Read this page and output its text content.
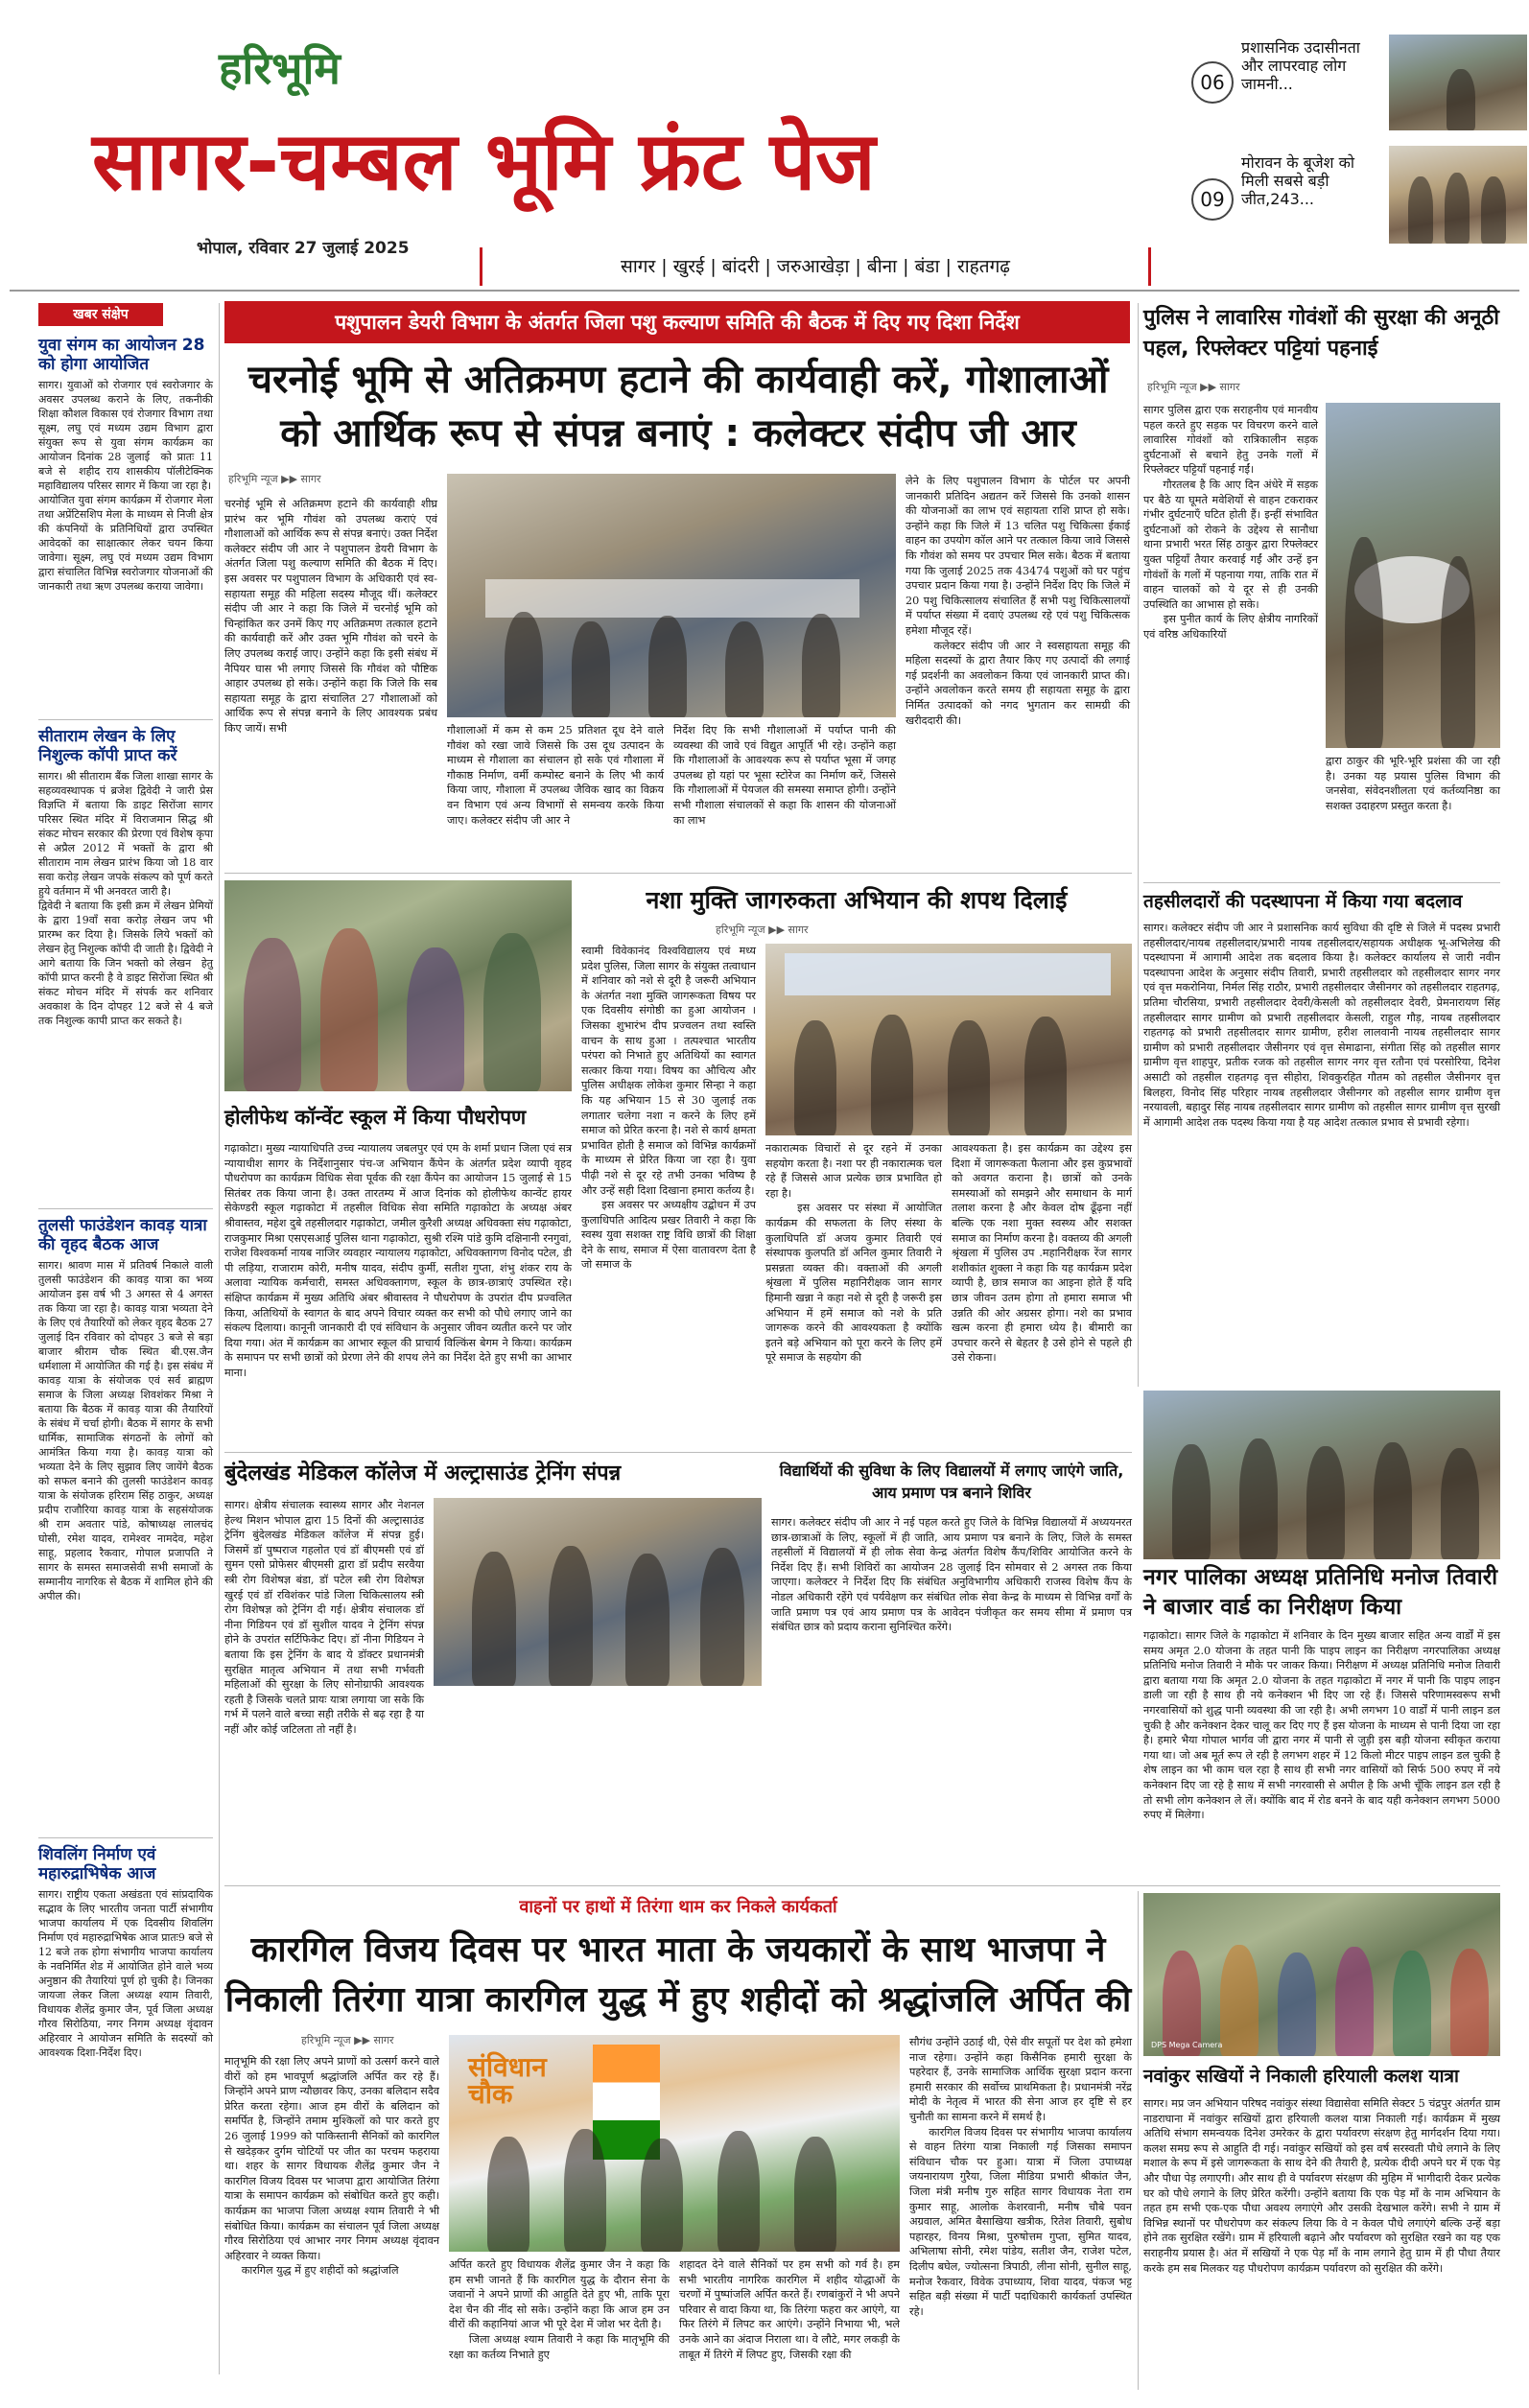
हरिभूमि
सागर-चम्बल भूमि फ्रंट पेज
भोपाल, रविवार 27 जुलाई 2025
सागर | खुरई | बांदरी | जरुआखेड़ा | बीना | बंडा | राहतगढ़
06
प्रशासनिक उदासीनता और लापरवाह लोग जामनी...
09
मोरावन के बूजेश को मिली सबसे बड़ी जीत,243...
खबर संक्षेप
युवा संगम का आयोजन 28 को होगा आयोजित

सागर। युवाओं को रोजगार एवं स्वरोजगार के अवसर उपलब्ध कराने के लिए, तकनीकी शिक्षा कौशल विकास एवं रोजगार विभाग तथा सूक्ष्म, लघु एवं मध्यम उद्यम विभाग द्वारा संयुक्त रूप से युवा संगम कार्यक्रम का आयोजन दिनांक 28 जुलाई  को प्रातः 11 बजे से  शहीद राय शासकीय पॉलीटेक्निक महाविद्यालय परिसर सागर में किया जा रहा है।
आयोजित युवा संगम कार्यक्रम में रोजगार मेला तथा अप्रेंटिसशिप मेला के माध्यम से निजी क्षेत्र की कंपनियों के प्रतिनिधियों द्वारा उपस्थित आवेदकों का साक्षात्कार लेकर चयन किया जावेगा। सूक्ष्म, लघु एवं मध्यम उद्यम विभाग द्वारा संचालित विभिन्न स्वरोजगार योजनाओं की जानकारी तथा ऋण उपलब्ध कराया जावेगा।

सीताराम लेखन के लिए निशुल्क कॉपी प्राप्त करें

सागर। श्री सीताराम बैंक जिला शाखा सागर के सहव्यवस्थापक पं ब्रजेश द्विवेदी ने जारी प्रेस विज्ञप्ति में बताया कि डाइट सिरोंजा सागर परिसर स्थित मंदिर में विराजमान सिद्ध श्री संकट मोचन सरकार की प्रेरणा एवं विशेष कृपा से अप्रैल 2012 में भक्तों के द्वारा श्री सीताराम नाम लेखन प्रारंभ किया जो 18 वार सवा करोड़ लेखन जपके संकल्प को पूर्ण करते हुये वर्तमान में भी अनवरत जारी है।
द्विवेदी ने बताया कि इसी क्रम में लेखन प्रेमियों के द्वारा 19वाँ सवा करोड़ लेखन जप भी प्रारम्भ कर दिया है। जिसके लिये भक्तों को लेखन हेतु निशुल्क कॉपी दी जाती है। द्विवेदी ने आगे बताया कि जिन भक्तो को लेखन  हेतु कॉपी प्राप्त करनी है वे डाइट सिरोंजा स्थित श्री संकट मोचन मंदिर में संपर्क कर शनिवार अवकाश के दिन दोपहर 12 बजे से 4 बजे तक निशुल्क कापी प्राप्त कर सकते है।

तुलसी फाउंडेशन कावड़ यात्रा की वृहद बैठक आज

सागर। श्रावण मास में प्रतिवर्ष निकाले वाली तुलसी फाउंडेशन की कावड़ यात्रा का भव्य आयोजन इस वर्ष भी 3 अगस्त से 4 अगस्त तक किया जा रहा है। कावड़ यात्रा भव्यता देने के लिए एवं तैयारियों को लेकर वृहद बैठक 27 जुलाई दिन रविवार को दोपहर 3 बजे से बड़ा बाजार श्रीराम चौक स्थित बी.एस.जैन धर्मशाला में आयोजित की गई है। इस संबंध में कावड़ यात्रा के संयोजक एवं सर्व ब्राह्मण समाज के जिला अध्यक्ष शिवशंकर मिश्रा ने बताया कि बैठक में कावड़ यात्रा की तैयारियों के संबंध में चर्चा होगी। बैठक में सागर के सभी धार्मिक, सामाजिक संगठनों के लोगों को आमंत्रित किया गया है। कावड़ यात्रा को भव्यता देने के लिए सुझाव लिए जायेंगे बैठक को सफल बनाने की तुलसी फाउंडेशन कावड़ यात्रा के संयोजक हरिराम सिंह ठाकुर, अध्यक्ष प्रदीप राजौरिया कावड़ यात्रा के सहसंयोजक श्री राम अवतार पांडे, कोषाध्यक्ष लालचंद घोसी, रमेश यादव, रामेश्वर नामदेव, महेश साहू, प्रहलाद रैकवार, गोपाल प्रजापति ने सागर के समस्त समाजसेवी सभी समाजों के सम्मानीय नागरिक से बैठक में शामिल होने की अपील की।

शिवलिंग निर्माण एवं महारुद्राभिषेक आज

सागर। राष्ट्रीय एकता अखंडता एवं सांप्रदायिक सद्भाव के लिए भारतीय जनता पार्टी संभागीय भाजपा कार्यालय में एक दिवसीय शिवलिंग निर्माण एवं महारुद्राभिषेक आज प्रातः9 बजे से 12 बजे तक होगा संभागीय भाजपा कार्यालय के नवनिर्मित शेड में आयोजित होने वाले भव्य अनुष्ठान की तैयारियां पूर्ण हो चुकी है। जिनका जायजा लेकर जिला अध्यक्ष श्याम तिवारी, विधायक शैलेंद्र कुमार जैन, पूर्व जिला अध्यक्ष गौरव सिरोठिया, नगर निगम अध्यक्ष वृंदावन अहिरवार ने आयोजन समिति के सदस्यों को आवश्यक दिशा-निर्देश दिए।

पशुपालन डेयरी विभाग के अंतर्गत जिला पशु कल्याण समिति की बैठक में दिए गए दिशा निर्देश
चरनोई भूमि से अतिक्रमण हटाने की कार्यवाही करें, गोशालाओं को आर्थिक रूप से संपन्न बनाएं : कलेक्टर संदीप जी आर
हरिभूमि न्यूज ▶▶ सागर

चरनोई भूमि से अतिक्रमण हटाने की कार्यवाही शीघ्र प्रारंभ कर भूमि गौवंश को उपलब्ध कराएं एवं गौशालाओं को आर्थिक रूप से संपन्न बनाएं। उक्त निर्देश कलेक्टर संदीप जी आर ने पशुपालन डेयरी विभाग के अंतर्गत जिला पशु कल्याण समिति की बैठक में दिए। इस अवसर पर पशुपालन विभाग के अधिकारी एवं स्व-सहायता समूह की महिला सदस्य मौजूद थीं। कलेक्टर संदीप जी आर ने कहा कि जिले में चरनोई भूमि को चिन्हांकित कर उनमें किए गए अतिक्रमण तत्काल हटाने की कार्यवाही करें और उक्त भूमि गौवंश को चरने के लिए उपलब्ध कराई जाए। उन्होंने कहा कि इसी संबंध में नैपियर घास भी लगाए जिससे कि गौवंश को पौष्टिक आहार उपलब्ध हो सके। उन्होंने कहा कि जिले कि सब सहायता समूह के द्वारा संचालित 27 गौशालाओं को आर्थिक रूप से संपन्न बनाने के लिए आवश्यक प्रबंध किए जायें। सभी	गौशालाओं में कम से कम 25 प्रतिशत दूध देने वाले गौवंश को रखा जावे जिससे कि उस दूध उत्पादन के माध्यम से गौशाला का संचालन हो सके एवं गौशाला में गौकाष्ठ निर्माण, वर्मी कम्पोस्ट बनाने के लिए भी कार्य किया जाए, गौशाला में उपलब्ध जैविक खाद का विक्रय वन विभाग एवं अन्य विभागों से समन्वय करके किया जाए। कलेक्टर संदीप जी आर ने

निर्देश दिए कि सभी गौशालाओं में पर्याप्त पानी की व्यवस्था की जावे एवं विद्युत आपूर्ति भी रहे। उन्होंने कहा कि गौशालाओं के आवश्यक रूप से पर्याप्त भूसा में जगह उपलब्ध हो यहां पर भूसा स्टोरेज का निर्माण करें, जिससे कि गौशालाओं में पेयजल की समस्या समाप्त होगी। उन्होंने सभी गौशाला संचालकों से कहा कि शासन की योजनाओं का लाभ

लेने के लिए पशुपालन विभाग के पोर्टल पर अपनी जानकारी प्रतिदिन अद्यतन करें जिससे कि उनको शासन की योजनाओं का लाभ एवं सहायता राशि प्राप्त हो सके। उन्होंने कहा कि जिले में 13 चलित पशु चिकित्सा ईकाई वाहन का उपयोग कॉल आने पर तत्काल किया जावे जिससे कि गौवंश को समय पर उपचार मिल सके। बैठक में बताया गया कि जुलाई 2025 तक 43474 पशुओं को घर पहुंच उपचार प्रदान किया गया है। उन्होंने निर्देश दिए कि जिले में 20 पशु चिकित्सालय संचालित हैं सभी पशु चिकित्सालयों में पर्याप्त संख्या में दवाएं उपलब्ध रहे एवं पशु चिकित्सक हमेशा मौजूद रहें।
कलेक्टर संदीप जी आर ने स्वसहायता समूह की महिला सदस्यों के द्वारा तैयार किए गए उत्पादों की लगाई गई प्रदर्शनी का अवलोकन किया एवं जानकारी प्राप्त की। उन्होंने अवलोकन करते समय ही सहायता समूह के द्वारा निर्मित उत्पादकों को नगद भुगतान कर सामग्री की खरीददारी की।

पुलिस ने लावारिस गोवंशों की सुरक्षा की अनूठी पहल, रिफ्लेक्टर पट्टियां पहनाई
हरिभूमि न्यूज ▶▶ सागर

सागर पुलिस द्वारा एक सराहनीय एवं मानवीय पहल करते हुए सड़क पर विचरण करने वाले लावारिस गोवंशों को रात्रिकालीन सड़क दुर्घटनाओं से बचाने हेतु उनके गलों में रिफ्लेक्टर पट्टियाँ पहनाई गईं।
गौरतलब है कि आए दिन अंधेरे में सड़क पर बैठे या घूमते मवेशियों से वाहन टकराकर गंभीर दुर्घटनाएँ घटित होती हैं। इन्हीं संभावित दुर्घटनाओं को रोकने के उद्देश्य से सानौधा थाना प्रभारी भरत सिंह ठाकुर द्वारा रिफ्लेक्टर युक्त पट्टियाँ तैयार करवाई गईं और उन्हें इन गोवंशों के गलों में पहनाया गया, ताकि रात में वाहन चालकों को ये दूर से ही उनकी उपस्थिति का आभास हो सके।
इस पुनीत कार्य के लिए क्षेत्रीय नागरिकों एवं वरिष्ठ अधिकारियों

द्वारा ठाकुर की भूरि-भूरि प्रशंसा की जा रही है। उनका यह प्रयास पुलिस विभाग की जनसेवा, संवेदनशीलता एवं कर्तव्यनिष्ठा का सशक्त उदाहरण प्रस्तुत करता है।

होलीफेथ कॉन्वेंट स्कूल में किया पौधरोपण

गढ़ाकोटा। मुख्य न्यायाधिपति उच्च न्यायालय जबलपुर एवं एम के शर्मा प्रधान जिला एवं सत्र न्यायाधीश सागर के निर्देशानुसार पंच-ज अभियान कैंपेन के अंतर्गत प्रदेश व्यापी वृहद पौधरोपण का कार्यक्रम विधिक सेवा पूर्वक की रक्षा कैंपेन का आयोजन 15 जुलाई से 15 सितंबर तक किया जाना है। उक्त तारतम्य में आज दिनांक को होलीफेथ कान्वेंट हायर सेकेण्डरी स्कूल गढ़ाकोटा में तहसील विधिक सेवा समिति गढ़ाकोटा के अध्यक्ष अंबर श्रीवास्तव, महेश दुबे तहसीलदार गढ़ाकोटा, जमील कुरैशी अध्यक्ष अधिवक्ता संघ गढ़ाकोटा, राजकुमार मिश्रा एसएसआई पुलिस थाना गढ़ाकोटा, सुश्री रश्मि पांडे कुमि दक्षिनानी रनगुवां, राजेश विश्वकर्मा नायब नाजिर व्यवहार न्यायालय गढ़ाकोटा, अधिवक्तागण विनोद पटेल, डी पी लड़िया, राजाराम कोरी, मनीष यादव, संदीप कुर्मी, सतीश गुप्ता, शंभु शंकर राय के अलावा न्यायिक कर्मचारी, समस्त अधिवक्तागण, स्कूल के छात्र-छात्राएं उपस्थित रहे। संक्षिप्त कार्यक्रम में मुख्य अतिथि अंबर श्रीवास्तव ने पौधरोपण के उपरांत दीप प्रज्वलित किया, अतिथियों के स्वागत के बाद अपने विचार व्यक्त कर सभी को पौधे लगाए जाने का संकल्प दिलाया। कानूनी जानकारी दी एवं संविधान के अनुसार जीवन व्यतीत करने पर जोर दिया गया। अंत में कार्यक्रम का आभार स्कूल की प्राचार्य विल्किंस बेगम ने किया। कार्यक्रम के समापन पर सभी छात्रों को प्रेरणा लेने की शपथ लेने का निर्देश देते हुए सभी का आभार माना।

नशा मुक्ति जागरुकता अभियान की शपथ दिलाई
हरिभूमि न्यूज ▶▶ सागर

स्वामी विवेकानंद विश्वविद्यालय एवं मध्य प्रदेश पुलिस, जिला सागर के संयुक्त तत्वाधान में शनिवार को नशे से दूरी है जरूरी अभियान के अंतर्गत नशा मुक्ति जागरूकता विषय पर एक दिवसीय संगोष्ठी का हुआ आयोजन । जिसका शुभारंभ दीप प्रज्वलन तथा स्वस्ति वाचन के साथ हुआ । तत्पश्चात भारतीय परंपरा को निभाते हुए अतिथियों का स्वागत सत्कार किया गया। विषय का औचित्य और पुलिस अधीक्षक लोकेश कुमार सिन्हा ने कहा कि यह अभियान 15 से 30 जुलाई तक लगातार चलेगा नशा न करने के लिए हमें समाज को प्रेरित करना है। नशे से कार्य क्षमता प्रभावित होती है समाज को विभिन्न कार्यक्रमों के माध्यम से प्रेरित किया जा रहा है। युवा पीढ़ी नशे से दूर रहे तभी उनका भविष्य है और उन्हें सही दिशा दिखाना हमारा कर्तव्य है।
इस अवसर पर अध्यक्षीय उद्बोधन में उप कुलाधिपति आदित्य प्रखर तिवारी ने कहा कि स्वस्थ युवा सशक्त राष्ट्र विधि छात्रों की शिक्षा देने के साथ, समाज में ऐसा वातावरण देता है जो समाज के

नकारात्मक विचारों से दूर रहने में उनका सहयोग करता है। नशा पर ही नकारात्मक चल रहे हैं जिससे आज प्रत्येक छात्र प्रभावित हो रहा है।
इस अवसर पर संस्था में आयोजित कार्यक्रम की सफलता के लिए संस्था के कुलाधिपति डॉ अजय कुमार तिवारी एवं संस्थापक कुलपति डॉ अनिल कुमार तिवारी ने प्रसन्नता व्यक्त की। वक्ताओं की अगली श्रृंखला में पुलिस महानिरीक्षक जान सागर हिमानी खन्ना ने कहा नशे से दूरी है जरूरी इस अभियान में हमें समाज को नशे के प्रति जागरूक करने की आवश्यकता है क्योंकि इतने बड़े अभियान को पूरा करने के लिए हमें पूरे समाज के सहयोग की

आवश्यकता है। इस कार्यक्रम का उद्देश्य इस दिशा में जागरूकता फैलाना और इस कुप्रभावों को अवगत कराना है। छात्रों को उनके समस्याओं को समझने और समाधान के मार्ग तलाश करना है और केवल दोष ढूँढ़ना नहीं बल्कि एक नशा मुक्त स्वस्थ्य और सशक्त समाज का निर्माण करना है। वक्तव्य की अगली श्रृंखला में पुलिस उप .महानिरीक्षक रेंज सागर शशीकांत शुक्ला ने कहा कि यह कार्यक्रम प्रदेश व्यापी है, छात्र समाज का आइना होते हैं यदि छात्र जीवन उतम होगा तो हमारा समाज भी उन्नति की ओर अग्रसर होगा। नशे का प्रभाव खत्म करना ही हमारा ध्येय है। बीमारी का उपचार करने से बेहतर है उसे होने से पहले ही उसे रोकना।

तहसीलदारों की पदस्थापना में किया गया बदलाव

सागर। कलेक्टर संदीप जी आर ने प्रशासनिक कार्य सुविधा की दृष्टि से जिले में पदस्थ प्रभारी तहसीलदार/नायब तहसीलदार/प्रभारी नायब तहसीलदार/सहायक अधीक्षक भू-अभिलेख की पदस्थापना में आगामी आदेश तक बदलाव किया है। कलेक्टर कार्यालय से जारी नवीन पदस्थापना आदेश के अनुसार संदीप तिवारी, प्रभारी तहसीलदार को तहसीलदार सागर नगर एवं वृत्त मकरोनिया, निर्मल सिंह राठौर, प्रभारी तहसीलदार जैसीनगर को तहसीलदार राहतगढ़, प्रतिमा चौरसिया, प्रभारी तहसीलदार देवरी/केसली को तहसीलदार देवरी, प्रेमनारायण सिंह तहसीलदार सागर ग्रामीण को प्रभारी तहसीलदार केसली, राहुल गौड़, नायब तहसीलदार राहतगढ़ को प्रभारी तहसीलदार सागर ग्रामीण, हरीश लालवानी नायब तहसीलदार सागर ग्रामीण को प्रभारी तहसीलदार जैसीनगर एवं वृत्त सेमाढाना, संगीता सिंह को तहसील सागर ग्रामीण वृत्त शाहपुर, प्रतीक रजक को तहसील सागर नगर वृत्त रतौना एवं परसोरिया, दिनेश असाटी को तहसील राहतगढ़ वृत्त सीहोरा, शिवकुरहित गौतम को तहसील जैसीनगर वृत्त बिलहरा, विनोद सिंह परिहार नायब तहसीलदार जैसीनगर को तहसील सागर ग्रामीण वृत्त नरयावली, बहादुर सिंह नायब तहसीलदार सागर ग्रामीण को तहसील सागर ग्रामीण वृत्त सुरखी में आगामी आदेश तक पदस्थ किया गया है यह आदेश तत्काल प्रभाव से प्रभावी रहेगा।

नगर पालिका अध्यक्ष प्रतिनिधि मनोज तिवारी ने बाजार वार्ड का निरीक्षण किया

गढ़ाकोटा। सागर जिले के गढ़ाकोटा में शनिवार के दिन मुख्य बाजार सहित अन्य वार्डों में इस समय अमृत 2.0 योजना के तहत पानी कि पाइप लाइन का निरीक्षण नगरपालिका अध्यक्ष प्रतिनिधि मनोज तिवारी ने मौके पर जाकर किया। निरीक्षण में अध्यक्ष प्रतिनिधि मनोज तिवारी द्वारा बताया गया कि अमृत 2.0 योजना के तहत गढ़ाकोटा में नगर में पानी कि पाइप लाइन डाली जा रही है साथ ही नये कनेक्शन भी दिए जा रहे हैं। जिससे परिणामस्वरूप सभी नगरवासियों को शुद्ध पानी व्यवस्था की जा रही है। अभी लगभग 10 वार्डों में पानी लाइन डल चुकी है और कनेक्शन देकर चालू कर दिए गए हैं इस योजना के माध्यम से पानी दिया जा रहा है। हमारे भैया गोपाल भार्गव जी द्वारा नगर में पानी से जुड़ी इस बड़ी योजना स्वीकृत कराया गया था। जो अब मूर्त रूप ले रही है लगभग शहर में 12 किलो मीटर पाइप लाइन डल चुकी है शेष लाइन का भी काम चल रहा है साथ ही सभी नगर वासियों को सिर्फ 500 रुपए में नये कनेक्शन दिए जा रहे है साथ में सभी नगरवासी से अपील है कि अभी चूँकि लाइन डल रही है तो सभी लोग कनेक्शन ले लें। क्योंकि बाद में रोड बनने के बाद यही कनेक्शन लगभग 5000 रुपए में मिलेगा।

बुंदेलखंड मेडिकल कॉलेज में अल्ट्रासाउंड ट्रेनिंग संपन्न

सागर। क्षेत्रीय संचालक स्वास्थ्य सागर और नेशनल हेल्थ मिशन भोपाल द्वारा 15 दिनों की अल्ट्रासाउंड ट्रेनिंग बुंदेलखंड मेडिकल कॉलेज में संपन्न हुई। जिसमें डॉ पुष्पराज गहलोत एवं डॉ बीएमसी एवं डॉ सुमन एसो प्रोफेसर बीएमसी द्वारा डॉ प्रदीप सरवैया स्त्री रोग विशेषज्ञ बंडा, डॉ पटेल स्त्री रोग विशेषज्ञ खुरई एवं डॉ रविशंकर पांडे जिला चिकित्सालय स्त्री रोग विशेषज्ञ को ट्रेनिंग दी गई। क्षेत्रीय संचालक डॉ नीना गिडियन एवं डॉ सुशील यादव ने ट्रेनिंग संपन्न होने के उपरांत सर्टिफिकेट दिए। डॉ नीना गिडियन ने बताया कि इस ट्रेनिंग के बाद ये डॉक्टर प्रधानमंत्री सुरक्षित मातृत्व अभियान में तथा सभी गर्भवती महिलाओं की सुरक्षा के लिए सोनोग्राफी आवश्यक रहती है जिसके चलते प्रायः यात्रा लगाया जा सके कि गर्भ में पलने वाले बच्चा सही तरीके से बढ़ रहा है या नहीं और कोई जटिलता तो नहीं है।

विद्यार्थियों की सुविधा के लिए विद्यालयों में लगाए जाएंगे जाति, आय प्रमाण पत्र बनाने शिविर

सागर। कलेक्टर संदीप जी आर ने नई पहल करते हुए जिले के विभिन्न विद्यालयों में अध्ययनरत छात्र-छात्राओं के लिए, स्कूलों में ही जाति, आय प्रमाण पत्र बनाने के लिए, जिले के समस्त तहसीलों में विद्यालयों में ही लोक सेवा केन्द्र अंतर्गत विशेष कैंप/शिविर आयोजित करने के निर्देश दिए हैं। सभी शिविरों का आयोजन 28 जुलाई दिन सोमवार से 2 अगस्त तक किया जाएगा। कलेक्टर ने निर्देश दिए कि संबंधित अनुविभागीय अधिकारी राजस्व विशेष कैंप के नोडल अधिकारी रहेंगे एवं पर्यवेक्षण कर संबंधित लोक सेवा केन्द्र के माध्यम से विभिन्न वर्गों के जाति प्रमाण पत्र एवं आय प्रमाण पत्र के आवेदन पंजीकृत कर समय सीमा में प्रमाण पत्र संबंधित छात्र को प्रदाय कराना सुनिश्चित करेंगे।

वाहनों पर हाथों में तिरंगा थाम कर निकले कार्यकर्ता
कारगिल विजय दिवस पर भारत माता के जयकारों के साथ भाजपा ने निकाली तिरंगा यात्रा कारगिल युद्ध में हुए शहीदों को श्रद्धांजलि अर्पित की
हरिभूमि न्यूज ▶▶ सागर

मातृभूमि की रक्षा लिए अपने प्राणों को उत्सर्ग करने वाले वीरों को हम भावपूर्ण श्रद्धांजलि अर्पित कर रहे हैं। जिन्होंने अपने प्राण न्यौछावर किए, उनका बलिदान सदैव प्रेरित करता रहेगा। आज हम वीरों के बलिदान को समर्पित है, जिन्होंने तमाम मुश्किलों को पार करते हुए 26 जुलाई 1999 को पाकिस्तानी सैनिकों को कारगिल से खदेड़कर दुर्गम चोटियों पर जीत का परचम फहराया था। शहर के सागर विधायक शैलेंद्र कुमार जैन ने कारगिल विजय दिवस पर भाजपा द्वारा आयोजित तिरंगा यात्रा के समापन कार्यक्रम को संबोधित करते हुए कही। कार्यक्रम का भाजपा जिला अध्यक्ष श्याम तिवारी ने भी संबोधित किया। कार्यक्रम का संचालन पूर्व जिला अध्यक्ष गौरव सिरोठिया एवं आभार नगर निगम अध्यक्ष वृंदावन अहिरवार ने व्यक्त किया।
कारगिल युद्ध में हुए शहीदों को श्रद्धांजलि

संविधान चौक

अर्पित करते हुए विधायक शैलेंद्र कुमार जैन ने कहा कि हम सभी जानते हैं कि कारगिल युद्ध के दौरान सेना के जवानों ने अपने प्राणों की आहुति देते हुए भी, ताकि पूरा देश चैन की नींद सो सके। उन्होंने कहा कि आज हम उन वीरों की कहानियां आज भी पूरे देश में जोश भर देती है।
जिला अध्यक्ष श्याम तिवारी ने कहा कि मातृभूमि की रक्षा का कर्तव्य निभाते हुए

शहादत देने वाले सैनिकों पर हम सभी को गर्व है। हम सभी भारतीय नागरिक कारगिल में शहीद योद्धाओं के चरणों में पुष्पांजलि अर्पित करते हैं। रणबांकुरों ने भी अपने परिवार से वादा किया था, कि तिरंगा फहरा कर आएंगे, या फिर तिरंगे में लिपट कर आएंगे। उन्होंने निभाया भी, भले उनके आने का अंदाज निराला था। वे लौटे, मगर लकड़ी के ताबूत में तिरंगे में लिपट हुए, जिसकी रक्षा की

सौगंध उन्होंने उठाई थी, ऐसे वीर सपूतों पर देश को हमेशा नाज रहेगा। उन्होंने कहा किसैनिक हमारी सुरक्षा के पहरेदार हैं, उनके सामाजिक आर्थिक सुरक्षा प्रदान करना हमारी सरकार की सर्वोच्च प्राथमिकता है। प्रधानमंत्री नरेंद्र मोदी के नेतृत्व में भारत की सेना आज हर दृष्टि से हर चुनौती का सामना करने में समर्थ है।
कारगिल विजय दिवस पर संभागीय भाजपा कार्यालय से वाहन तिरंगा यात्रा निकाली गई जिसका समापन संविधान चौक पर हुआ। यात्रा में जिला उपाध्यक्ष जयनारायण गुरैया, जिला मीडिया प्रभारी श्रीकांत जैन, जिला मंत्री मनीष गुरु सहित सागर विधायक नेता राम कुमार साहू, आलोक केशरवानी, मनीष चौबे पवन अग्रवाल, अमित बैसाखिया खत्रीक, रितेश तिवारी, सुबोध पहारहर, विनय मिश्रा, पुरुषोत्तम गुप्ता, सुमित यादव, अभिलाषा सोनी, रमेश पांडेय, सतीश जैन, राजेश पटेल, दिलीप बघेल, ज्योत्सना त्रिपाठी, लीना सोनी, सुनील साहू, मनोज रैकवार, विवेक उपाध्याय, शिवा यादव, पंकज भट्ट सहित बड़ी संख्या में पार्टी पदाधिकारी कार्यकर्ता उपस्थित रहे।

DPS Mega Camera
नवांकुर सखियों ने निकाली हरियाली कलश यात्रा

सागर। मप्र जन अभियान परिषद नवांकुर संस्था विद्यासेवा समिति सेक्टर 5 चंद्रपुर अंतर्गत ग्राम नाडराघाना में नवांकुर सखियों द्वारा हरियाली कलश यात्रा निकाली गई। कार्यक्रम में मुख्य अतिथि संभाग समन्वयक दिनेश उमरेकर के द्वारा पर्यावरण संरक्षण हेतु मार्गदर्शन दिया गया। कलश समग्र रूप से आहुति दी गई। नवांकुर सखियों को इस वर्ष सरस्वती पौधे लगाने के लिए मशाल के रूप में इसे जागरूकता के साथ देने की तैयारी है, प्रत्येक दीदी अपने घर में एक पेड़ और पौधा पेड़ लगाएगी। और साथ ही वे पर्यावरण संरक्षण की मुहिम में भागीदारी देकर प्रत्येक घर को पौधे लगाने के लिए प्रेरित करेंगी। उन्होंने बताया कि एक पेड़ माँ के नाम अभियान के तहत हम सभी एक-एक पौधा अवश्य लगाएंगे और उसकी देखभाल करेंगे। सभी ने ग्राम में विभिन्न स्थानों पर पौधरोपण कर संकल्प लिया कि वे न केवल पौधे लगाएंगे बल्कि उन्हें बड़ा होने तक सुरक्षित रखेंगे। ग्राम में हरियाली बढ़ाने और पर्यावरण को सुरक्षित रखने का यह एक सराहनीय प्रयास है। अंत में सखियों ने एक पेड़ माँ के नाम लगाने हेतु ग्राम में ही पौधा तैयार करके हम सब मिलकर यह पौधरोपण कार्यक्रम पर्यावरण को सुरक्षित की करेंगे।
